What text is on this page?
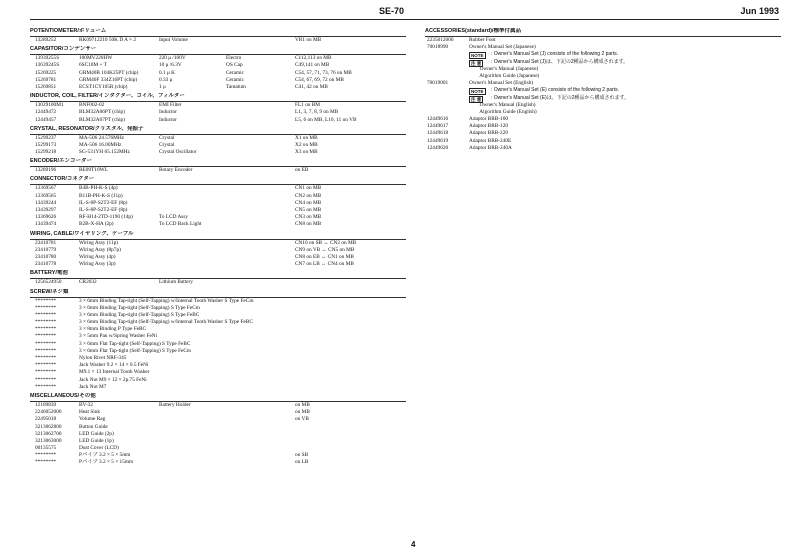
SE-70	Jun 1993
POTENTIOMETER/ボリューム
13289252	RK09712210 50K D A × 2	Input Volume	VR1 on MB
CAPASITOR/コンデンサー
13939255S	100MV220HW	220 μ /100V	Electro	C112,113 on MB
13639245S	6SC10M + T	10 μ /6.3V	OS Cap	C49,141 on MB
15269225	GRM40B 104K25PT (chip)	0.1 μ K	Ceramic	C54, 57, 71, 73, 76 on MB
15269781	GRM40F 334Z16PT (chip)	0.33 μ	Ceramic	C54, 67, 69, 72 on MB
15269851	ECST1CY105R (chip)	1 μ	Tantalum	C41, 42 on MB
INDUCTOR, COIL, FILTER/インダクター、コイル、フィルター
13029100M1	BNF002-02	EMI Filter	FL1 on BM
12449472	BLM32A06PT (chip)	Inductor	L1, 3, 7, 8, 9 on MB
12449457	BLM32A07PT (chip)	Inductor	L5, 6 on MB, L10, 11 on VB
CRYSTAL, RESONATOR/クリスタル、発振子
15299237	MA-506 24.576MHz	Crystal	X1 on MB
15299173	MA-506 16.00MHz	Crystal	X2 on MB
15299218	SG-531YH 65.152MHz	Crystal Oscillator	X3 on MB
ENCODER/エンコーダー
13289196	RE09T10WL	Rotary Encoder	on EB
CONNECTOR/コネクター
13369567	B4B-PH-K-S (4p)	CN1 on MB
13369565	B11B-PH-K-S (11p)	CN2 on MB
13439244	IL-S-8P-S2T2-EF (8p)	CN4 on MB
13439297	IL-S-8P-S2T2-EF (8p)	CN5 on MB
13369626	RF-H14-2TD-1190 (14p)	To LCD Assy	CN3 on MB
13439474	B2B-X-HA (2p)	To LCD Back Light	CN8 on MB
WIRING, CABLE/ワイヤリング、ケーブル
23410781	Wiring Assy (11p)	CN10 on SB ↔ CN2 on MB
23410779	Wiring Assy (8p7p)	CN9 on VB ↔ CN5 on MB
23410780	Wiring Assy (4p)	CN8 on EB ↔ CN1 on MB
23410778	Wiring Assy (3p)	CN7 on LB ↔ CN4 on MB
BATTERY/電池
1256524950	CR2032	Lithium Battery
SCREW/ネジ類
********	3 × 6mm Binding Tap-tight (Self-Tapping) w/Internal Tooth Washer S Type FeCm
********	3 × 6mm Binding Tap-tight (Self-Tapping) S Type FeCm
********	3 × 6mm Binding Tap-tight (Self-Tapping) S Type FeBC
********	3 × 6mm Binding Tap-tight (Self-Tapping) w/Internal Tooth Washer S Type FeBC
********	3 × 8mm Binding P Type FeBC
********	3 × 5mm Pan w/Spring Washer FeNi
********	3 × 6mm Flat Tap-tight (Self-Tapping) S Type FeBC
********	3 × 6mm Flat Tap-tight (Self-Tapping) S Type FeCm
********	Nylon Rivet NRF-345
********	Jack Washer 9.2 × 14 × 0.5 FeNi
********	M9.1 × 13 Internal Tooth Washer
********	Jack Nut M9 × 12 × 2p.75 FeNi
********	Jack Nut M7
MISCELLANEOUS/その他
12189839	BV-32	Battery Holder	on MB
2246052000	Heat Sink	on MB
22495018	Volume Rag	on VB
3213062800	Button Guide
3213062700	LED Guide (2p)
3213063000	LED Guide (1p)
00135575	Dust Cover (LCD)
********	Pパイプ 3.2 × 5 × 5mm	on SB
********	Pパイプ 3.2 × 5 × 15mm	on LB
ACCESSORIES(standard)/標準付属品
2235012000	Rubber Foot
70018990	Owner's Manual Set (Japanese)
NOTE	: Owner's Manual Set (J) consists of the following 2 parts.
注 意	: Owner's Manual Set (J)は、下記の2種品から構成されます。
Owner's Manual (Japanese)
Algorithm Guide (Japanese)
70019001	Owner's Manual Set (English)
NOTE	: Owner's Manual Set (E) consists of the following 2 parts.
注 意	: Owner's Manual Set (E)は、下記の2種品から構成されます。
Owner's Manual (English)
Algorithm Guide (English)
12449616	Adaptor BRB-100
12449617	Adaptor BRB-120
12449618	Adaptor BRB-220
12449619	Adaptor BRB-240E
12449620	Adaptor BRB-240A
4
